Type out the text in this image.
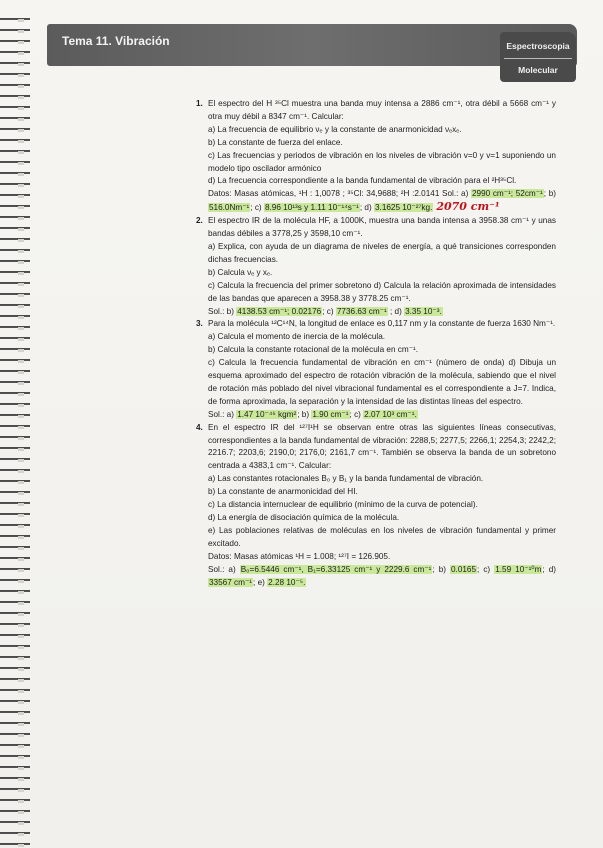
Tema 11. Vibración	Espectroscopia
Molecular
1. El espectro del H ³⁵Cl muestra una banda muy intensa a 2886 cm⁻¹, otra débil a 5668 cm⁻¹ y otra muy débil a 8347 cm⁻¹. Calcular:

a) La frecuencia de equilibrio νₑ y la constante de anarmonicidad νₑxₑ.

b) La constante de fuerza del enlace.

c) Las frecuencias y periodos de vibración en los niveles de vibración v=0 y v=1 suponiendo un modelo tipo oscilador armónico

d) La frecuencia correspondiente a la banda fundamental de vibración para el ²H³⁵Cl.

Datos: Masas atómicas, ¹H : 1,0078 ; ³⁵Cl: 34,9688; ²H :2.0141 Sol.: a) 2990 cm⁻¹; 52cm⁻¹; b) 516.0Nm⁻¹; c) 8.96 10¹³s y 1.11 10⁻¹⁴s⁻¹; d) 3.1625 10⁻²⁷kg. 2070 cm⁻¹

2. El espectro IR de la molécula HF, a 1000K, muestra una banda intensa a 3958.38 cm⁻¹ y unas bandas débiles a 3778,25 y 3598,10 cm⁻¹.

a) Explica, con ayuda de un diagrama de niveles de energía, a qué transiciones corresponden dichas frecuencias.

b) Calcula νₑ y xₑ.

c) Calcula la frecuencia del primer sobretono d) Calcula la relación aproximada de intensidades de las bandas que aparecen a 3958.38 y 3778.25 cm⁻¹.

Sol.: b) 4138.53 cm⁻¹; 0.02176; c) 7736.63 cm⁻¹ ; d) 3.35 10⁻³.

3. Para la molécula ¹²C¹⁴N, la longitud de enlace es 0,117 nm y la constante de fuerza 1630 Nm⁻¹.

a) Calcula el momento de inercia de la molécula.

b) Calcula la constante rotacional de la molécula en cm⁻¹.

c) Calcula la frecuencia fundamental de vibración en cm⁻¹ (número de onda) d) Dibuja un esquema aproximado del espectro de rotación vibración de la molécula, sabiendo que el nivel de rotación más poblado del nivel vibracional fundamental es el correspondiente a J=7. Indica, de forma aproximada, la separación y la intensidad de las distintas líneas del espectro.

Sol.: a) 1.47 10⁻⁴⁶ kgm²; b) 1.90 cm⁻¹; c) 2.07 10³ cm⁻¹.

4. En el espectro IR del ¹²⁷I¹H se observan entre otras las siguientes líneas consecutivas, correspondientes a la banda fundamental de vibración: 2288,5; 2277,5; 2266,1; 2254,3; 2242,2; 2216.7; 2203,6; 2190,0; 2176,0; 2161,7 cm⁻¹. También se observa la banda de un sobretono centrada a 4383,1 cm⁻¹. Calcular:

a) Las constantes rotacionales B₀ y B₁ y la banda fundamental de vibración.

b) La constante de anarmonicidad del HI.

c) La distancia internuclear de equilibrio (mínimo de la curva de potencial).

d) La energía de disociación química de la molécula.

e) Las poblaciones relativas de moléculas en los niveles de vibración fundamental y primer excitado.

Datos: Masas atómicas ¹H = 1.008; ¹²⁷I = 126.905.

Sol.: a) B₀=6.5446 cm⁻¹, B₁=6.33125 cm⁻¹ y 2229.6 cm⁻¹; b) 0.0165; c) 1.59 10⁻¹⁰m; d) 33567 cm⁻¹; e) 2.28 10⁻⁵.
